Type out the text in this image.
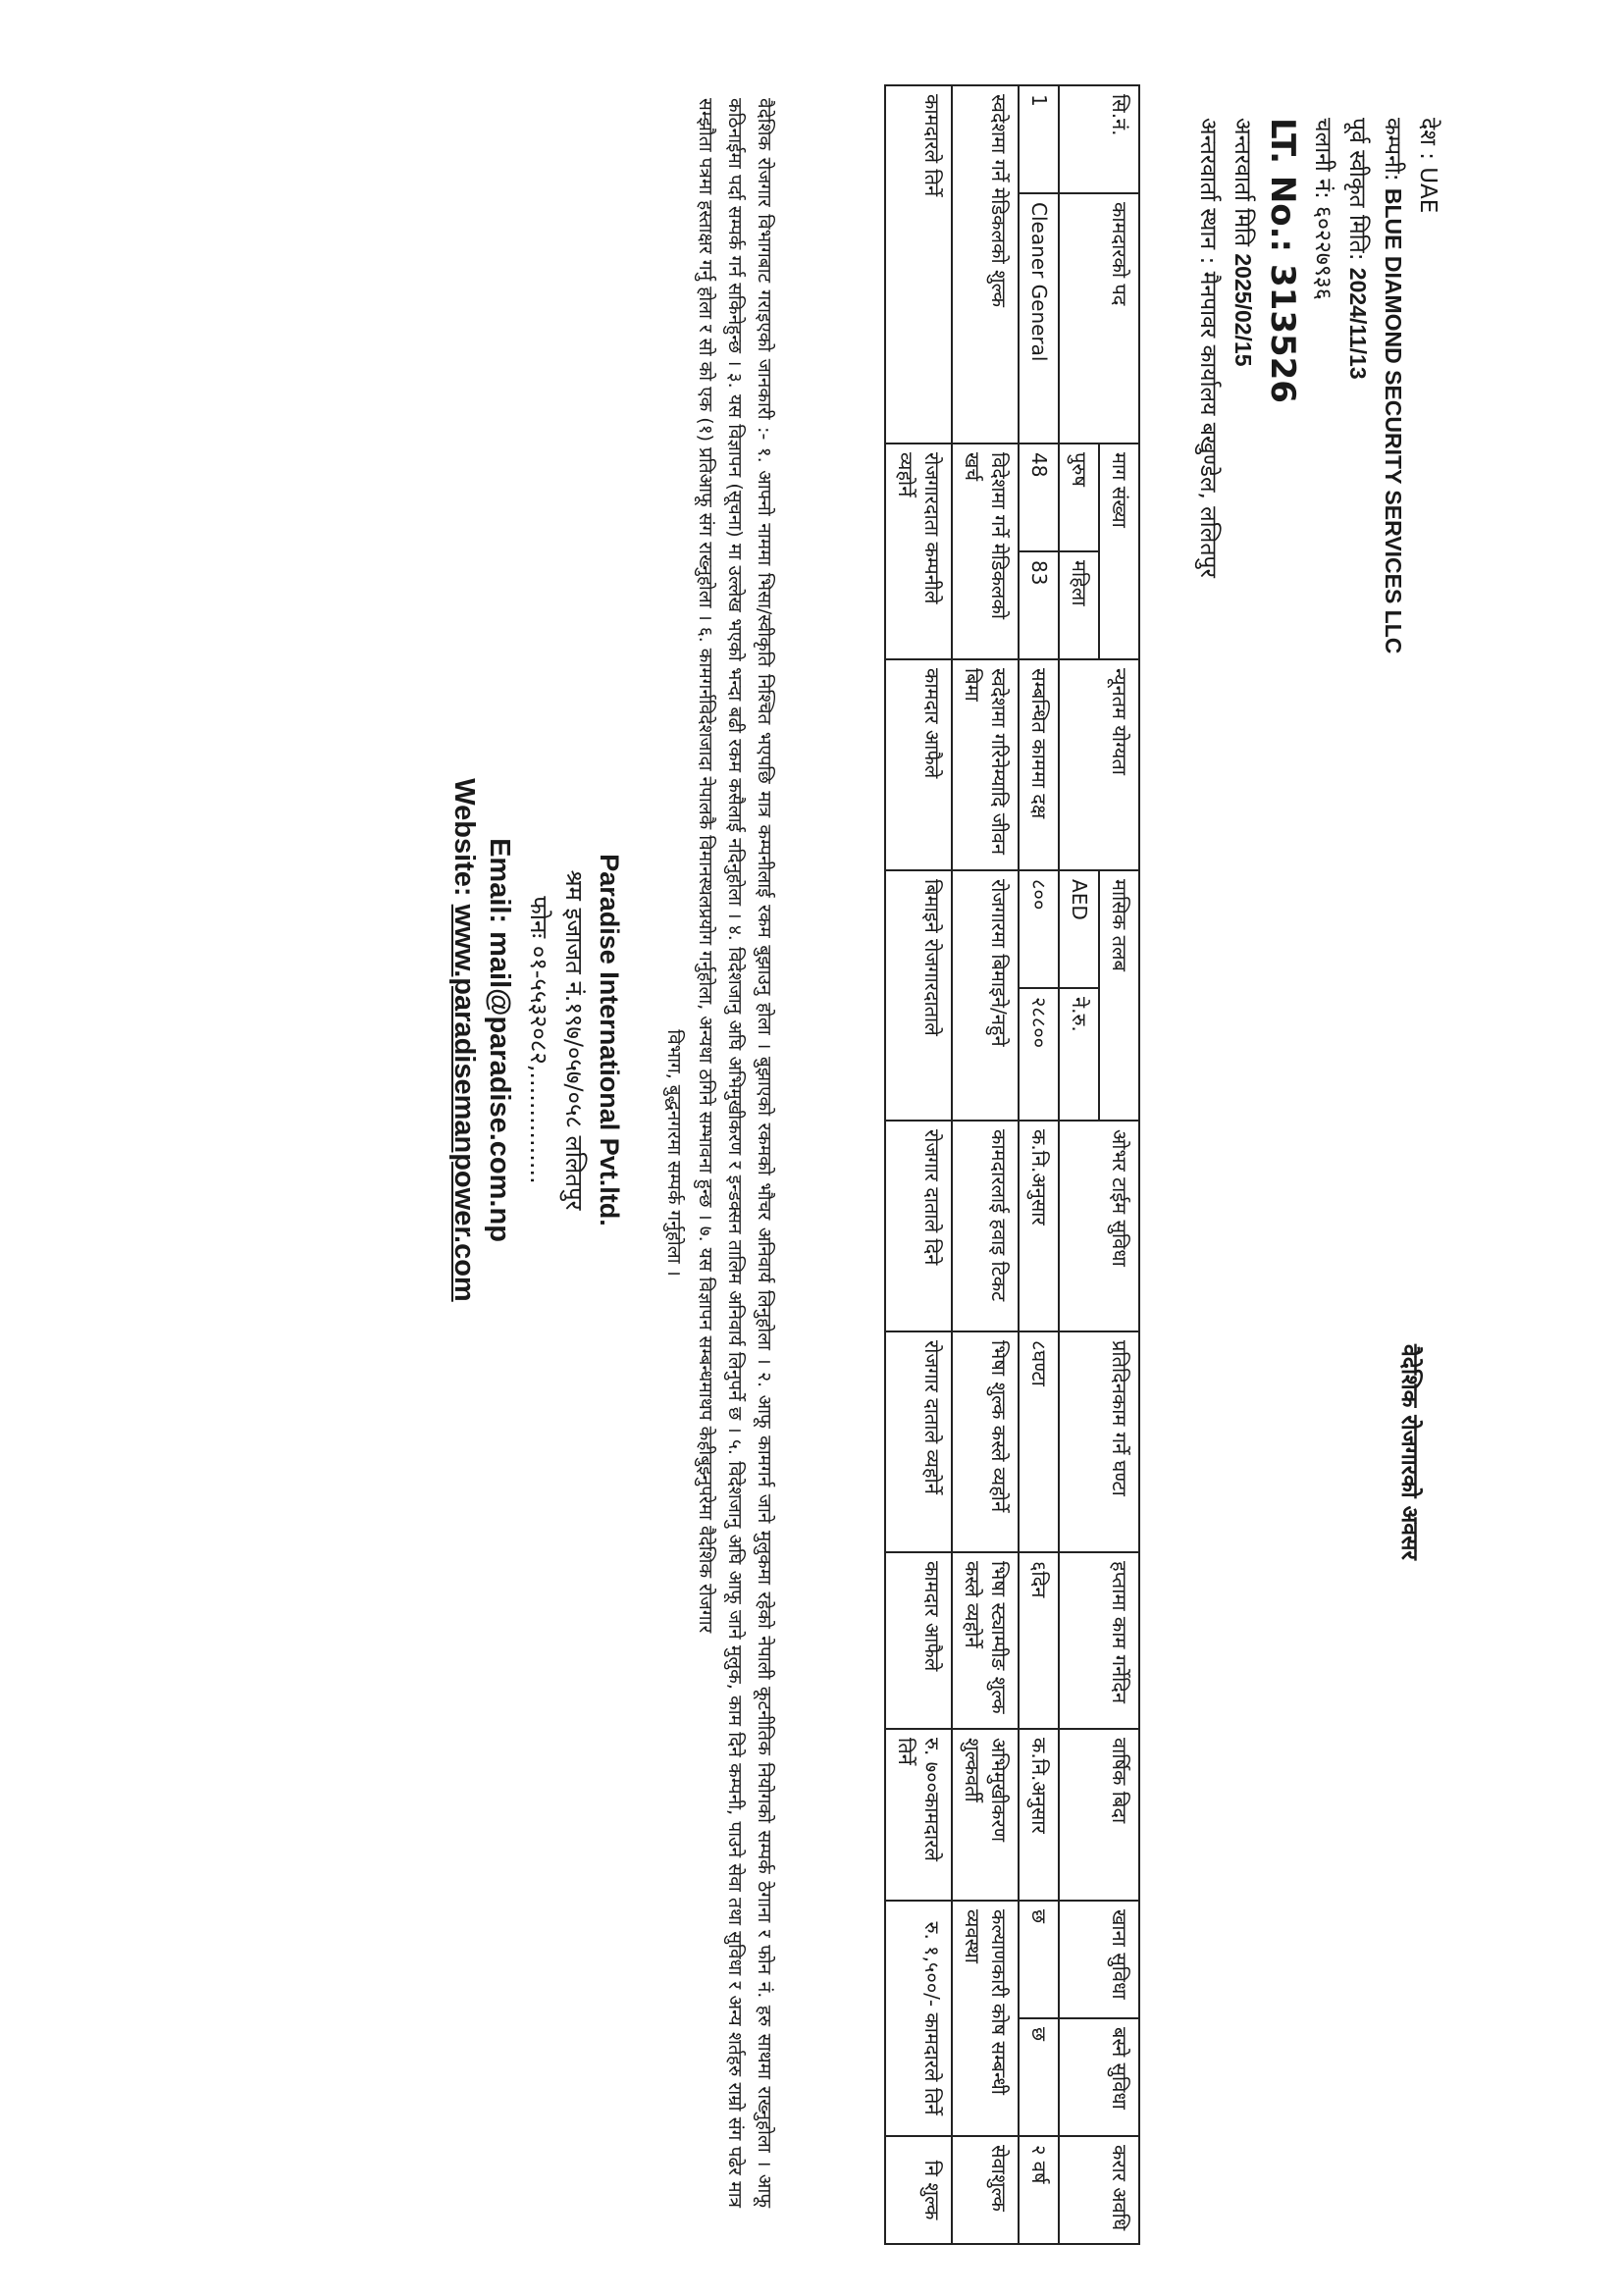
वैदेशिक रोजगारको अवसर
देश : UAE
कम्पनी: BLUE DIAMOND SECURITY SERVICES LLC
पूर्व स्वीकृत मिति: 2024/11/13
चलानी नं: ६०२२७९३६
LT. No.: 313526
अन्तरवार्ता मिति 2025/02/15
अन्तरवार्ता स्थान : मैनपावर कार्यालय बखुण्डेल, ललितपुर
सि.नं.	कामदारको पद	माग संख्या		न्यूनतम योग्यता	मासिक तलब		ओभर टाईम सुविधा	प्रतिदिनकाम गर्ने घण्टा	हप्तामा काम गर्नेदिन	वार्षिक बिदा	खाना सुविधा	बस्ने सुविधा	करार अवधि
		पुरुष	महिला		AED	ने.रु.							
1	Cleaner General	48	83	सम्बन्धित काममा दक्ष	८००	२८८००	क.नि.अनुसार	८घण्टा	६दिन	क.नि.अनुसार	छ	छ	२ वर्ष
स्वदेशमा गर्ने मेडिकलको शुल्क		विदेशमा गर्ने मेडिकलको खर्च		स्वदेशमा गरिनेम्यादि जीवन बिमा	रोजगारमा बिमाइने/नहुने		कामदारलाई हवाइ टिकट	भिषा शुल्क कस्ले व्यहोर्ने	भिषा स्ट्याम्पीङ शुल्क कस्ले व्यहोर्ने	अभिमुखीकरण शुल्कवर्ती	कल्याणकारी कोष सम्बन्धी व्यवस्था		सेवाशुल्क
कामदारले तिर्ने		रोजगारदाता कम्पनीले व्यहोर्ने		कामदार आफैले	बिमाइने रोजगारदाताले		रोजगार दाताले दिने	रोजगार दाताले व्यहोर्ने	कामदार आफैले	रु. ७००कामदारले तिर्ने	रु. १,५००/- कामदारले तिर्ने		नि शुल्क
वैदेशिक रोजगार विभागबाट गराइएको जानकारी :- १. आफ्नो नाममा भिसा/स्वीकृति निश्चित भएपछि मात्र कम्पनीलाई रकम बुझाउनु होला । बुझाएको रकमको भौचर अनिवार्य लिनुहोला । २. आफू कामगर्न जाने मुलुकमा रहेको नेपाली कूटनीतिक नियोगको सम्पर्क ठेगाना र फोन नं. हरु साथमा राख्नुहोला । आफू कठिनाईमा पर्दा सम्पर्क गर्न सकिनेहुन्छ । ३. यस विज्ञापन (सूचना) मा उल्लेख भएको भन्दा बढी रकम कसैलाई नदिनुहोला । ४. विदेशजानु अघि अभिमुखीकरण र इन्डक्सन तालिम अनिवार्य लिनुपर्ने छ । ५. विदेशजानु अघि आफू जाने मुलुक, काम दिने कम्पनी, पाउने सेवा तथा सुविधा र अन्य शर्तहरु राम्रो संग पढेर मात्र सम्झौता पत्रमा हस्ताक्षर गर्नु होला र सो को एक (१) प्रतिआफू संग राख्नुहोला । ६. कामगर्नविदेशजादा नेपालकै विमानस्थलप्रयोग गर्नुहोला, अन्यथा ठगिने सम्भावना हुन्छ । ७. यस विज्ञापन सम्बन्धमाथप केहीबुझ्नुपरेमा वैदेशिक रोजगार
विभाग, बुद्धनगरमा सम्पर्क गर्नुहोला ।
Paradise International Pvt.ltd.
श्रम इजाजत नं.१९७/०५७/०५८ ललितपुर
फोनः ०१-५५३२०८२,...............
Email: mail@paradise.com.np
Website: www.paradisemanpower.com
